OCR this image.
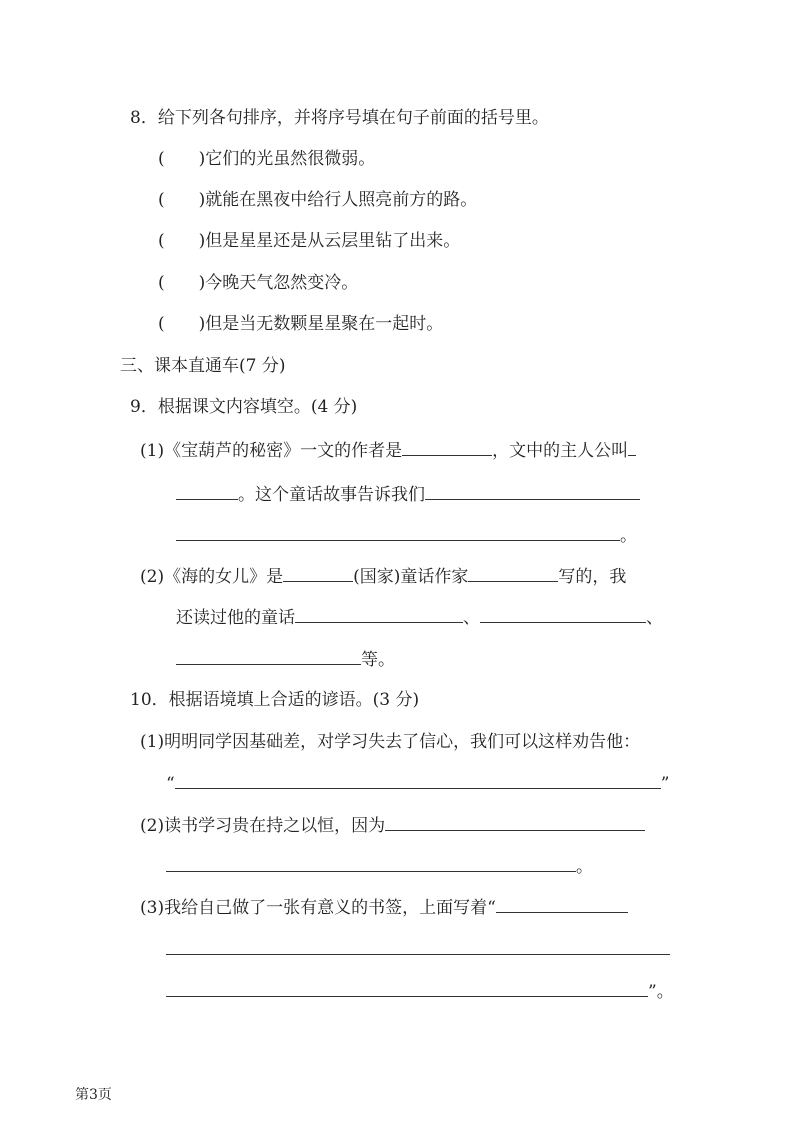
8．给下列各句排序，并将序号填在句子前面的括号里。
(　　)它们的光虽然很微弱。
(　　)就能在黑夜中给行人照亮前方的路。
(　　)但是星星还是从云层里钻了出来。
(　　)今晚天气忽然变冷。
(　　)但是当无数颗星星聚在一起时。
三、课本直通车(7 分)
9．根据课文内容填空。(4 分)
(1)《宝葫芦的秘密》一文的作者是	，文中的主人公叫
。这个童话故事告诉我们
。
(2)《海的女儿》是	(国家)童话作家	写的，我
还读过他的童话	、	、
等。
10．根据语境填上合适的谚语。(3 分)
(1)明明同学因基础差，对学习失去了信心，我们可以这样劝告他：
“	”
(2)读书学习贵在持之以恒，因为
。
(3)我给自己做了一张有意义的书签，上面写着“
”。
第3页
